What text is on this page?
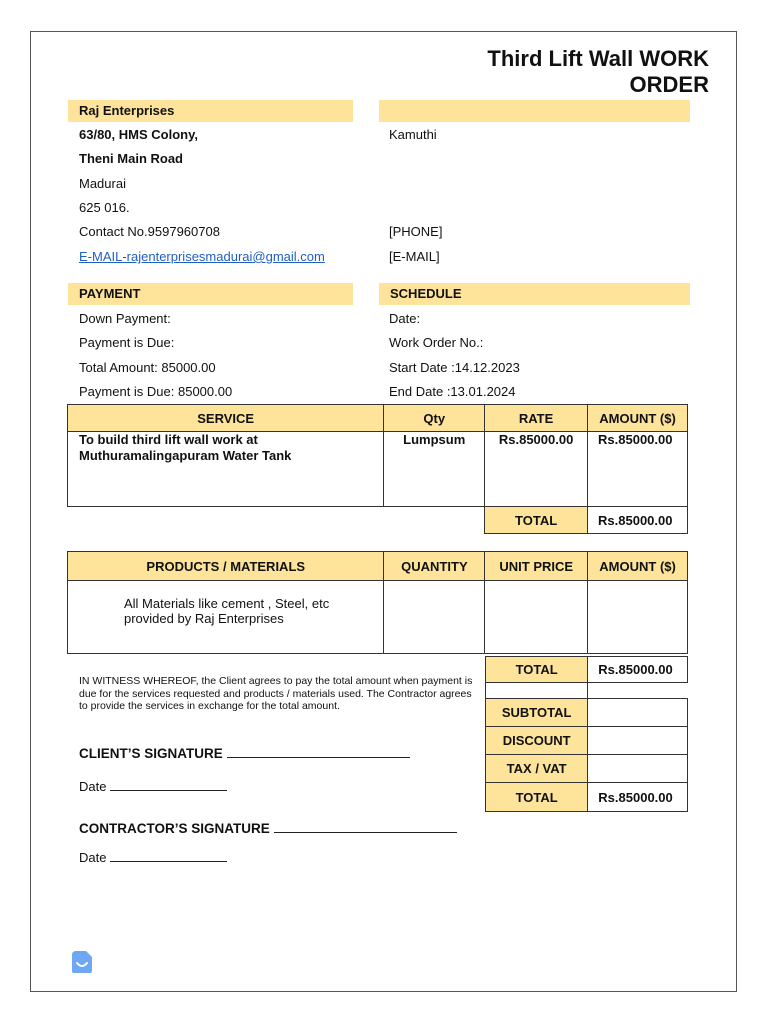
Third Lift Wall WORK
ORDER
Raj Enterprises
63/80, HMS Colony,
Theni Main Road
Madurai
625 016.
Contact No.9597960708
E-MAIL-rajenterprisesmadurai@gmail.com
Kamuthi
[PHONE]
[E-MAIL]
PAYMENT	SCHEDULE
Down Payment:
Payment is Due:
Total Amount: 85000.00
Payment is Due: 85000.00
Date:
Work Order No.:
Start Date :14.12.2023
End Date :13.01.2024
SERVICE	Qty	RATE	AMOUNT ($)
To build third lift wall work at Muthuramalingapuram Water Tank	Lumpsum	Rs.85000.00	Rs.85000.00
		TOTAL	Rs.85000.00
PRODUCTS / MATERIALS	QUANTITY	UNIT PRICE	AMOUNT ($)
All Materials like cement , Steel, etc provided by Raj Enterprises			
TOTAL	Rs.85000.00

SUBTOTAL	
DISCOUNT	
TAX / VAT	
TOTAL	Rs.85000.00
IN WITNESS WHEREOF, the Client agrees to pay the total amount when payment is due for the services requested and products / materials used. The Contractor agrees to provide the services in exchange for the total amount.
CLIENT’S SIGNATURE
Date
CONTRACTOR’S SIGNATURE
Date
